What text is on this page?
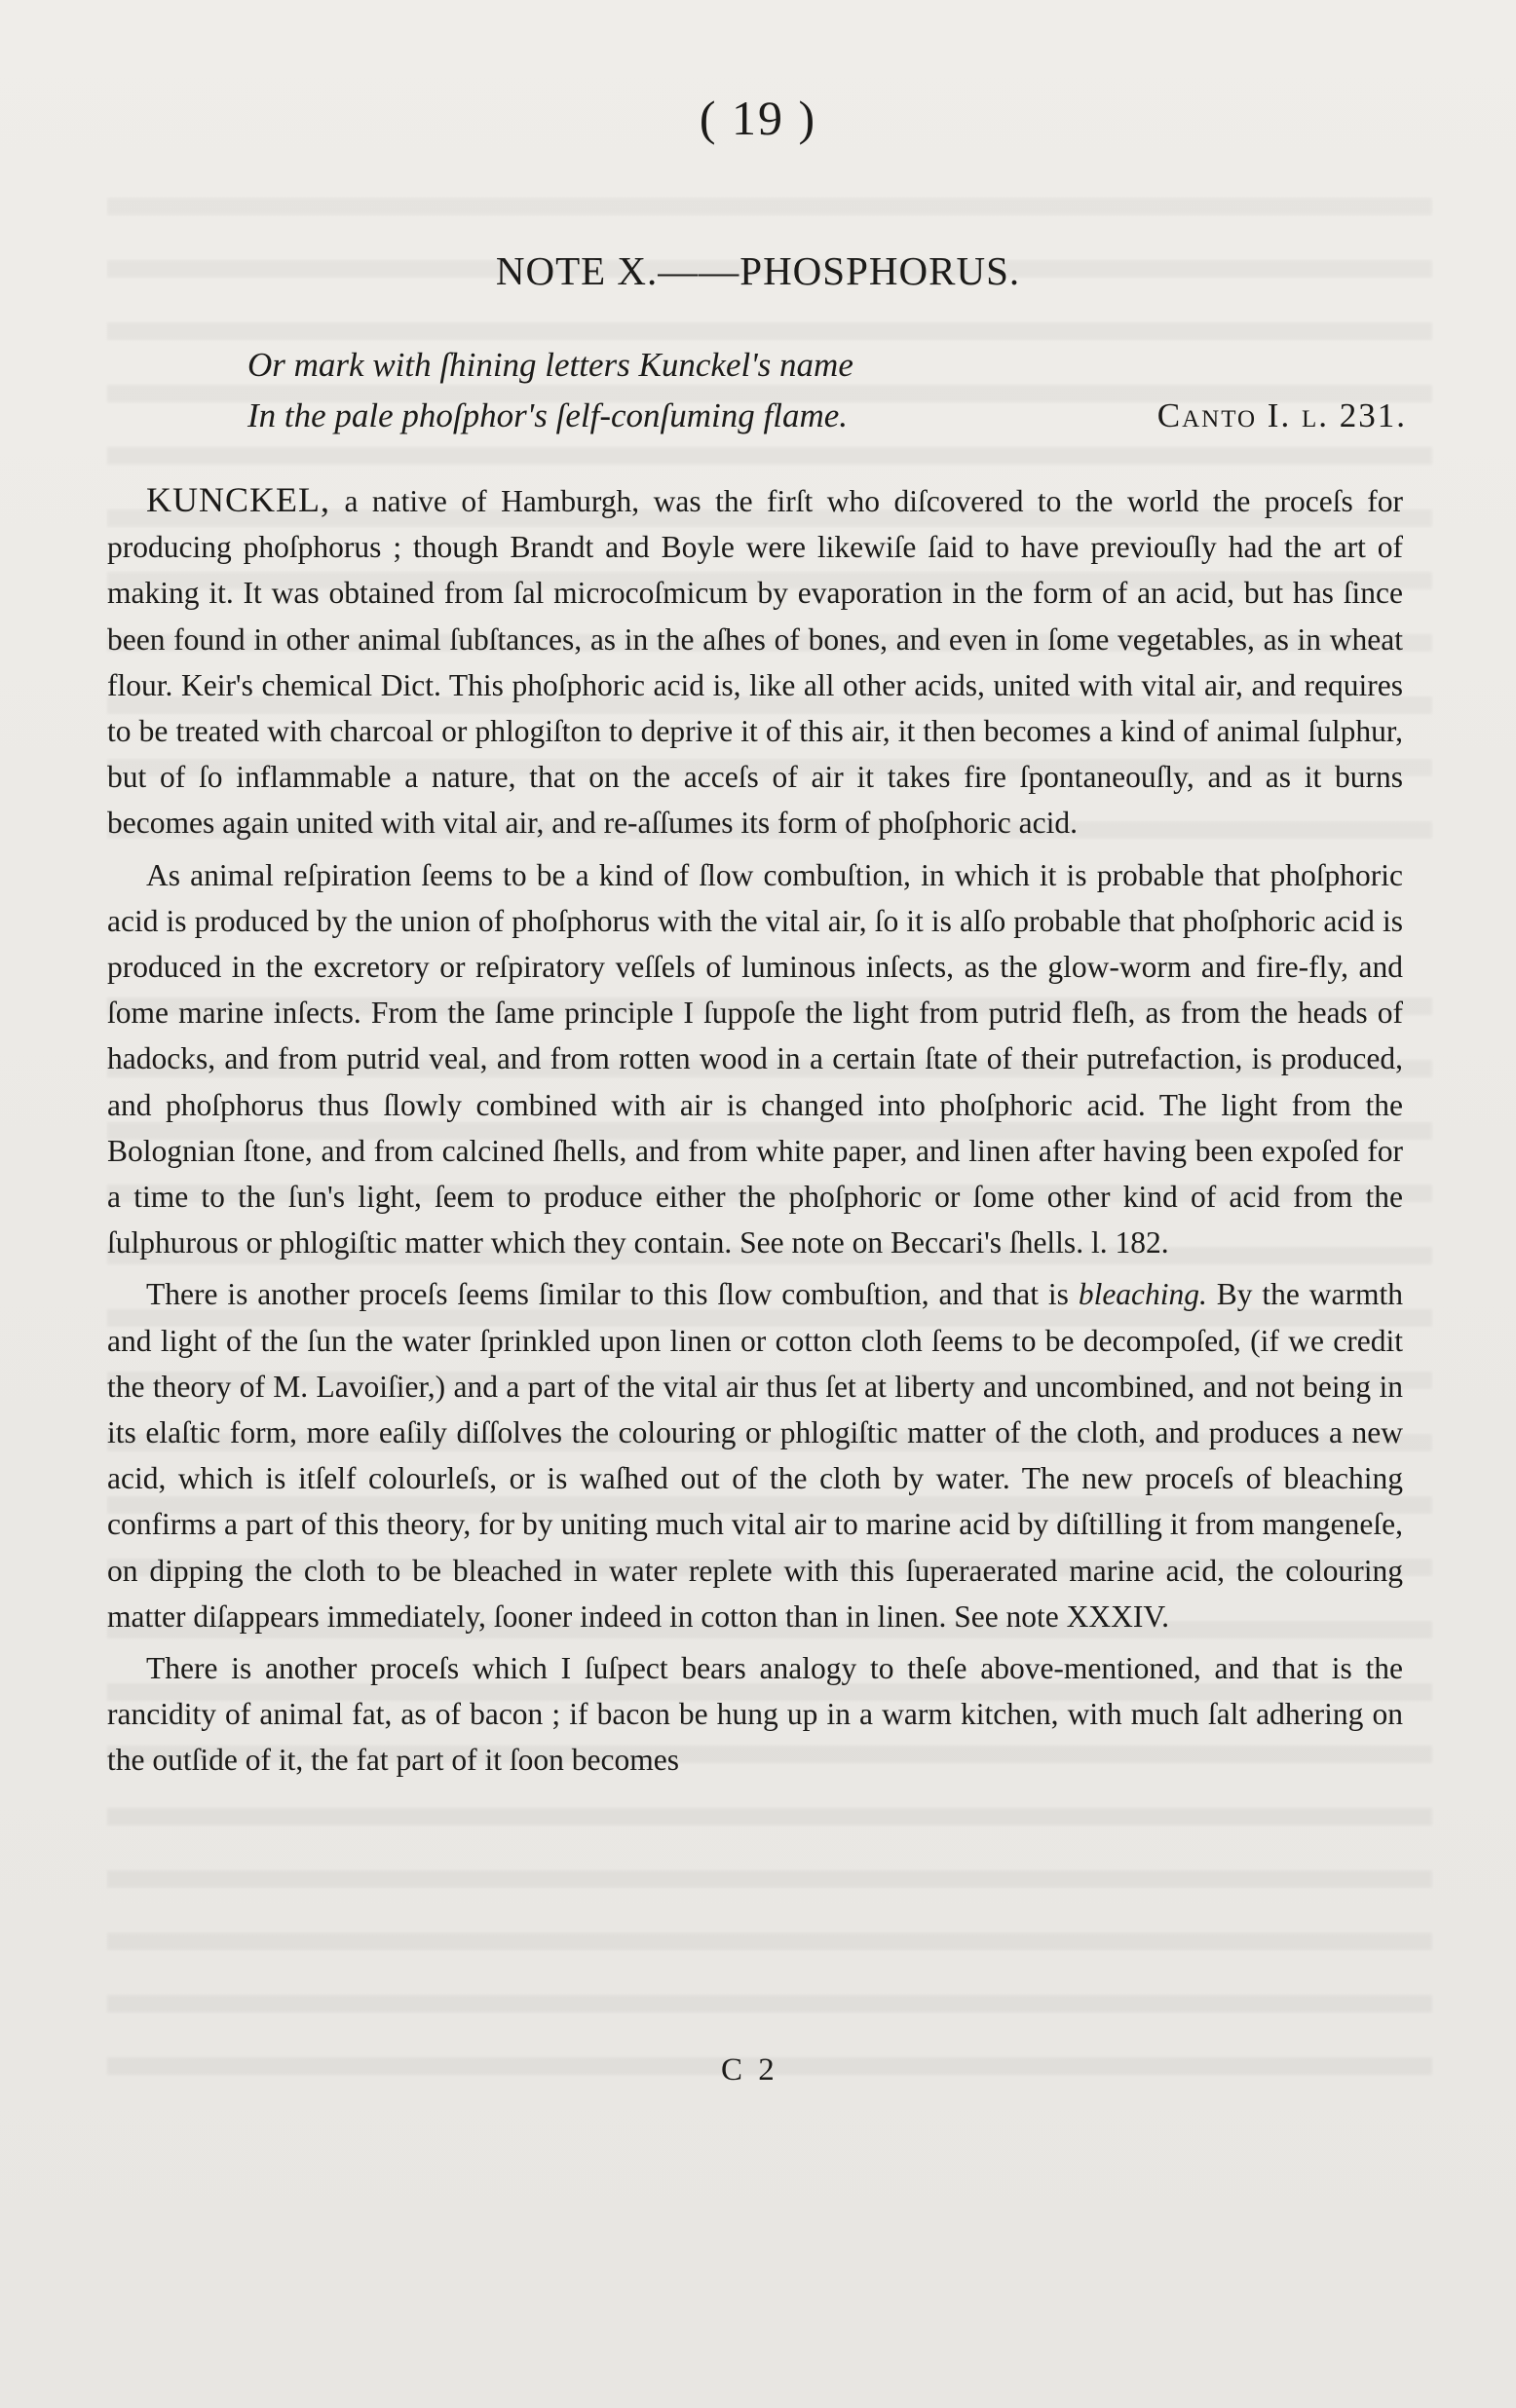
( 19 )
NOTE X.——PHOSPHORUS.
Or mark with ſhining letters Kunckel's name
In the pale phoſphor's ſelf-conſuming flame.	Canto I. l. 231.

KUNCKEL, a native of Hamburgh, was the firſt who diſcovered to the world the proceſs for producing phoſphorus ; though Brandt and Boyle were likewiſe ſaid to have previouſly had the art of making it. It was obtained from ſal microcoſmicum by evaporation in the form of an acid, but has ſince been found in other animal ſubſtances, as in the aſhes of bones, and even in ſome vegetables, as in wheat flour. Keir's chemical Dict. This phoſphoric acid is, like all other acids, united with vital air, and requires to be treated with charcoal or phlogiſton to deprive it of this air, it then becomes a kind of animal ſulphur, but of ſo inflammable a nature, that on the acceſs of air it takes fire ſpontaneouſly, and as it burns becomes again united with vital air, and re-aſſumes its form of phoſphoric acid.

As animal reſpiration ſeems to be a kind of ſlow combuſtion, in which it is probable that phoſphoric acid is produced by the union of phoſphorus with the vital air, ſo it is alſo probable that phoſphoric acid is produced in the excretory or reſpiratory veſſels of luminous inſects, as the glow-worm and fire-fly, and ſome marine inſects. From the ſame principle I ſuppoſe the light from putrid fleſh, as from the heads of hadocks, and from putrid veal, and from rotten wood in a certain ſtate of their putrefaction, is produced, and phoſphorus thus ſlowly combined with air is changed into phoſphoric acid. The light from the Bolognian ſtone, and from calcined ſhells, and from white paper, and linen after having been expoſed for a time to the ſun's light, ſeem to produce either the phoſphoric or ſome other kind of acid from the ſulphurous or phlogiſtic matter which they contain. See note on Beccari's ſhells. l. 182.

There is another proceſs ſeems ſimilar to this ſlow combuſtion, and that is bleaching. By the warmth and light of the ſun the water ſprinkled upon linen or cotton cloth ſeems to be decompoſed, (if we credit the theory of M. Lavoiſier,) and a part of the vital air thus ſet at liberty and uncombined, and not being in its elaſtic form, more eaſily diſſolves the colouring or phlogiſtic matter of the cloth, and produces a new acid, which is itſelf colourleſs, or is waſhed out of the cloth by water. The new proceſs of bleaching confirms a part of this theory, for by uniting much vital air to marine acid by diſtilling it from mangeneſe, on dipping the cloth to be bleached in water replete with this ſuperaerated marine acid, the colouring matter diſappears immediately, ſooner indeed in cotton than in linen. See note XXXIV.

There is another proceſs which I ſuſpect bears analogy to theſe above-mentioned, and that is the rancidity of animal fat, as of bacon ; if bacon be hung up in a warm kitchen, with much ſalt adhering on the outſide of it, the fat part of it ſoon becomes

C 2
